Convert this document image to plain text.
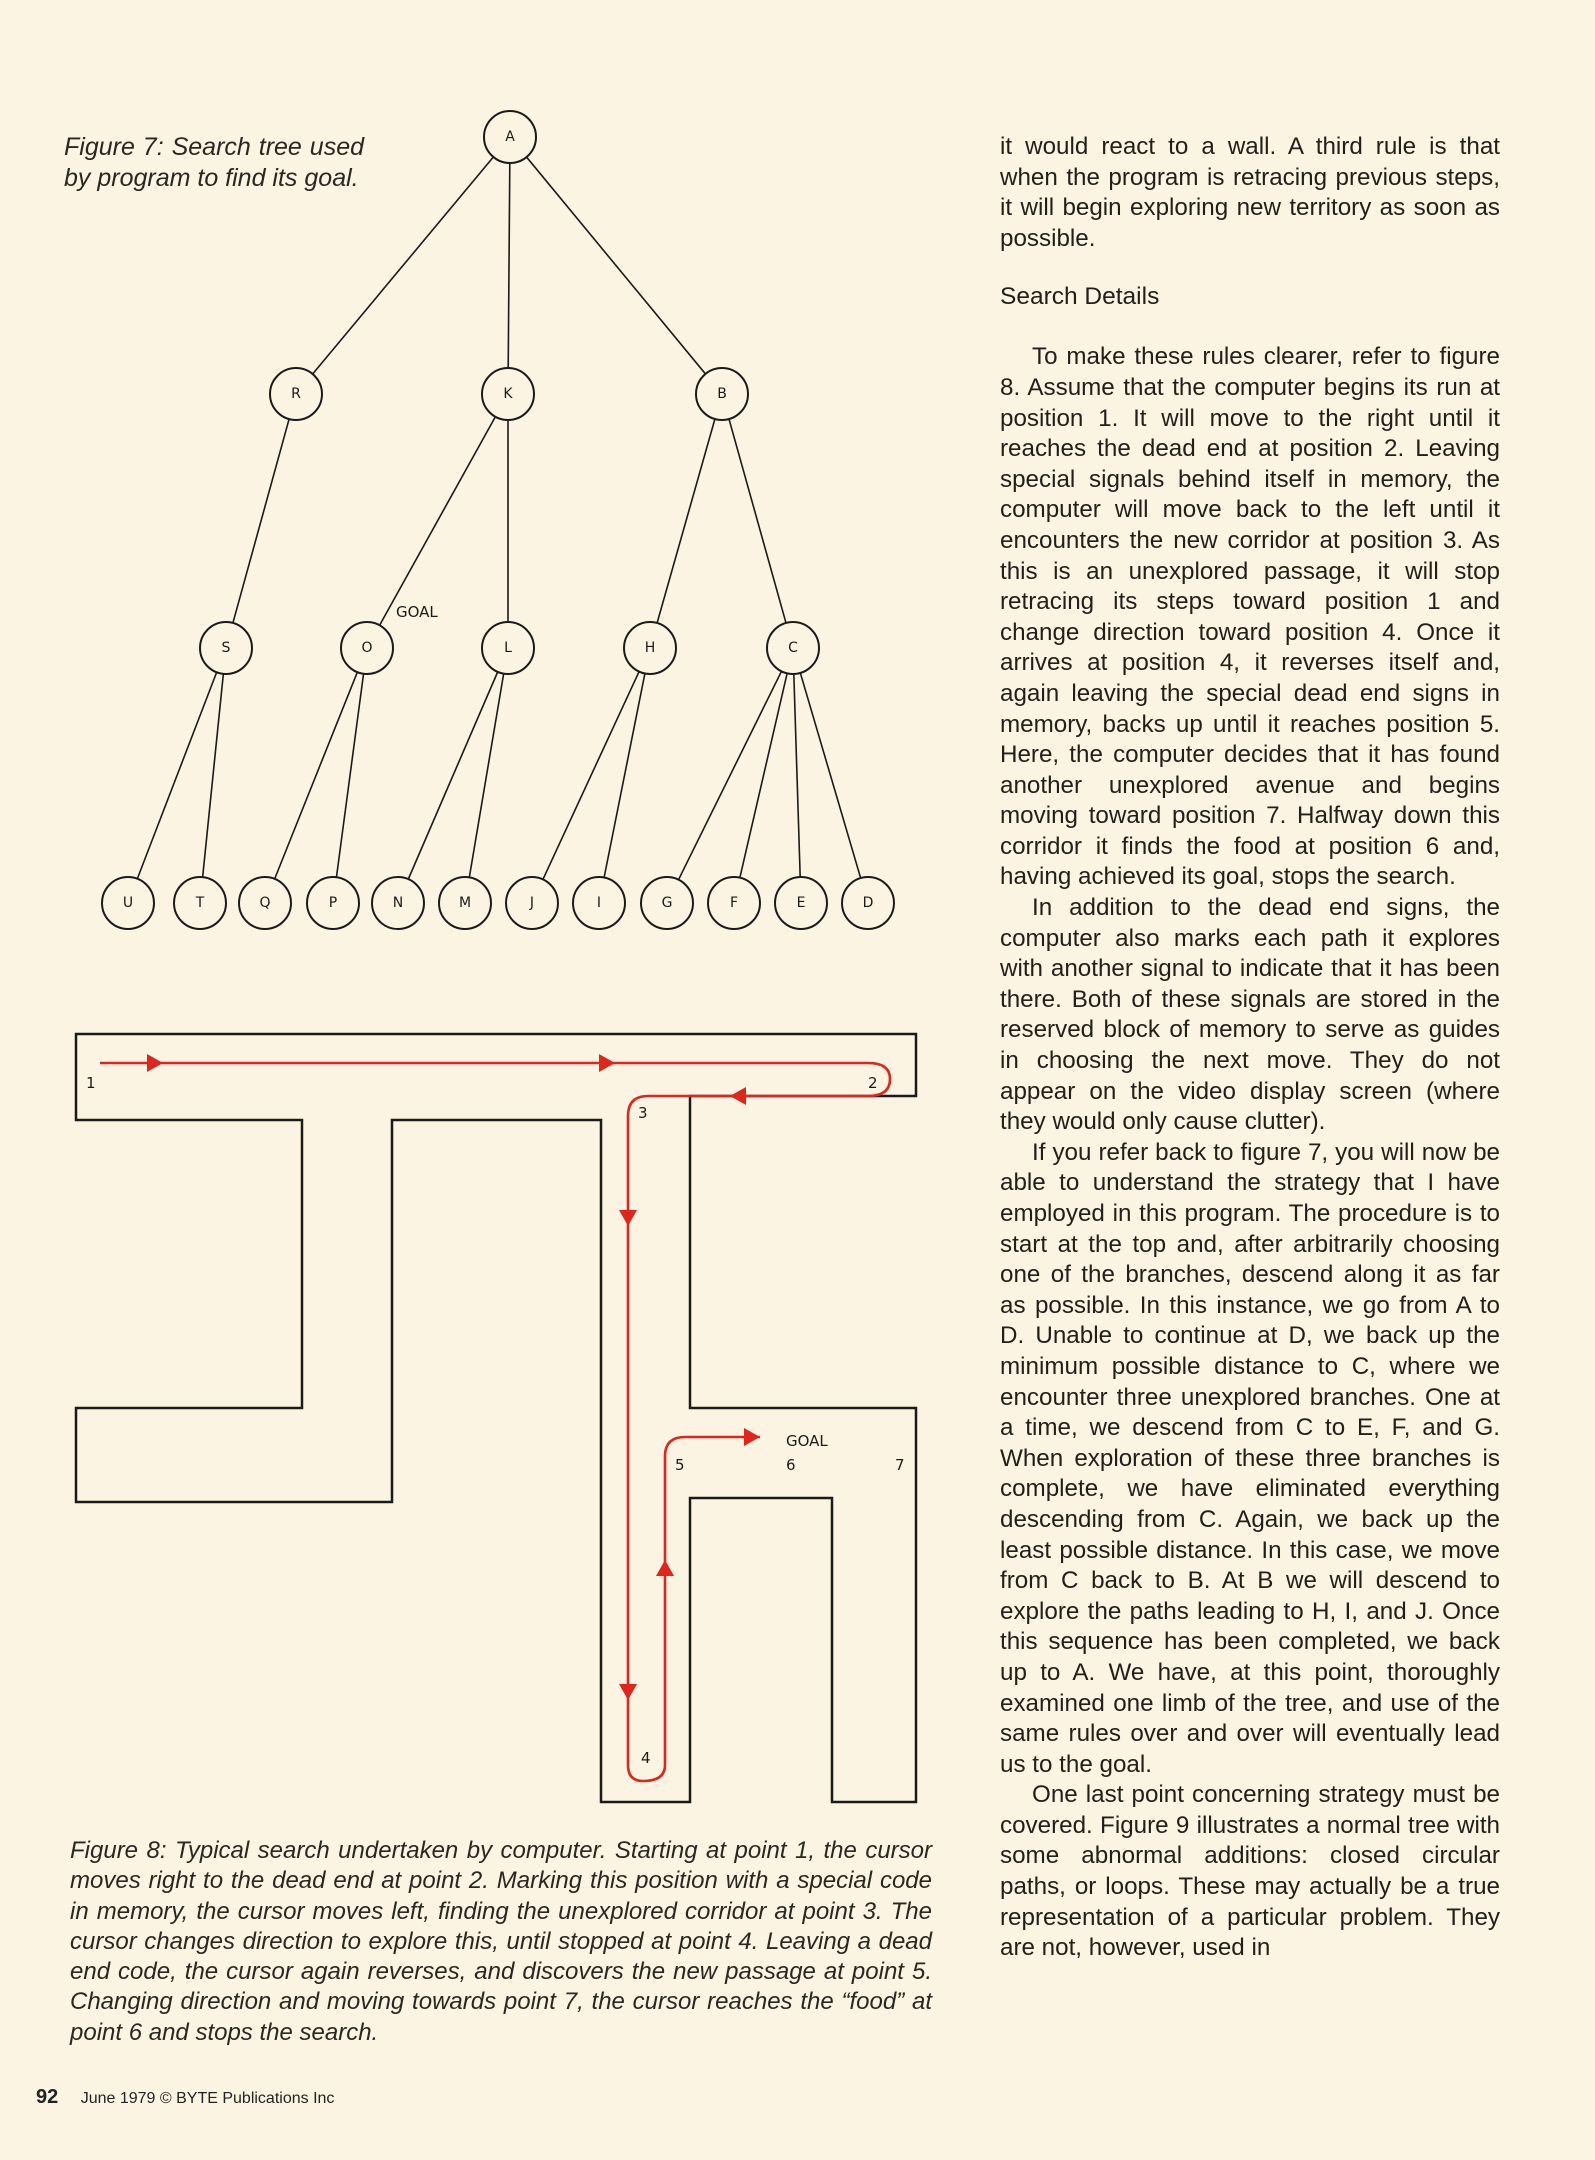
Figure 7: Search tree used by program to find its goal.
A
R	K	B
S	O	L	H	C
U	T	Q	P	N	M	J	I	G	F	E	D
GOAL
1	2
3
4
5	6	7
GOAL
Figure 8: Typical search undertaken by computer. Starting at point 1, the cursor moves right to the dead end at point 2. Marking this position with a special code in memory, the cursor moves left, finding the unexplored corridor at point 3. The cursor changes direction to explore this, until stopped at point 4. Leaving a dead end code, the cursor again reverses, and discovers the new passage at point 5. Changing direction and moving towards point 7, the cursor reaches the “food” at point 6 and stops the search.

it would react to a wall. A third rule is that when the program is retracing previous steps, it will begin exploring new territory as soon as possible.

Search Details

To make these rules clearer, refer to figure 8. Assume that the computer begins its run at position 1. It will move to the right until it reaches the dead end at position 2. Leaving special signals behind itself in memory, the computer will move back to the left until it encounters the new corridor at position 3. As this is an unexplored passage, it will stop retracing its steps toward position 1 and change direction toward position 4. Once it arrives at position 4, it reverses itself and, again leaving the special dead end signs in memory, backs up until it reaches position 5. Here, the computer decides that it has found another unexplored avenue and begins moving toward position 7. Halfway down this corridor it finds the food at position 6 and, having achieved its goal, stops the search.

In addition to the dead end signs, the computer also marks each path it explores with another signal to indicate that it has been there. Both of these signals are stored in the reserved block of memory to serve as guides in choosing the next move. They do not appear on the video display screen (where they would only cause clutter).

If you refer back to figure 7, you will now be able to understand the strategy that I have employed in this program. The procedure is to start at the top and, after arbitrarily choosing one of the branches, descend along it as far as possible. In this instance, we go from A to D. Unable to continue at D, we back up the minimum possible distance to C, where we encounter three unexplored branches. One at a time, we descend from C to E, F, and G. When exploration of these three branches is complete, we have eliminated everything descending from C. Again, we back up the least possible distance. In this case, we move from C back to B. At B we will descend to explore the paths leading to H, I, and J. Once this sequence has been completed, we back up to A. We have, at this point, thoroughly examined one limb of the tree, and use of the same rules over and over will eventually lead us to the goal.

One last point concerning strategy must be covered. Figure 9 illustrates a normal tree with some abnormal additions: closed circular paths, or loops. These may actually be a true representation of a particular problem. They are not, however, used in

92 June 1979 © BYTE Publications Inc
